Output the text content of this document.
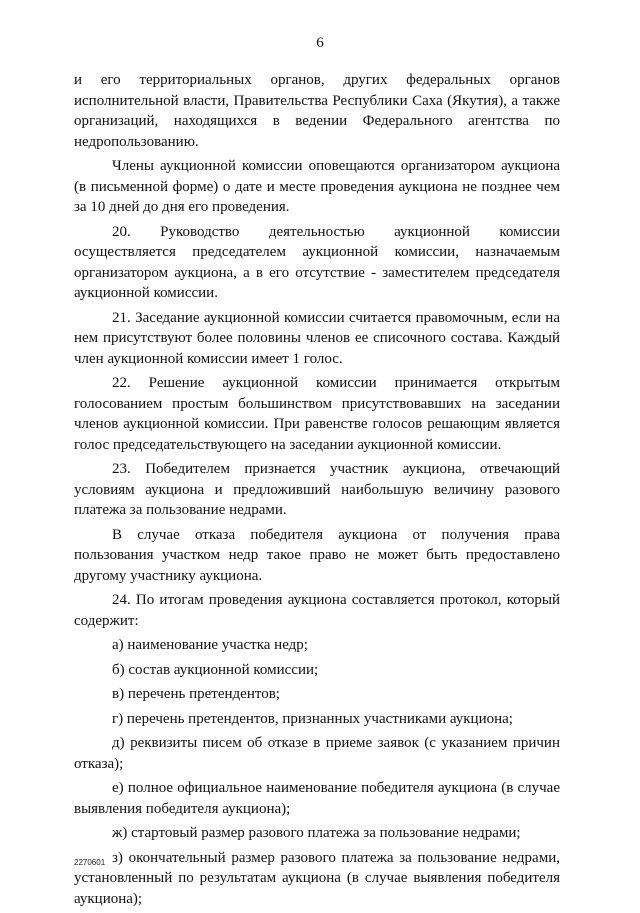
6

и его территориальных органов, других федеральных органов исполнительной власти, Правительства Республики Саха (Якутия), а также организаций, находящихся в ведении Федерального агентства по недропользованию.

Члены аукционной комиссии оповещаются организатором аукциона (в письменной форме) о дате и месте проведения аукциона не позднее чем за 10 дней до дня его проведения.

20. Руководство деятельностью аукционной комиссии осуществляется председателем аукционной комиссии, назначаемым организатором аукциона, а в его отсутствие - заместителем председателя аукционной комиссии.

21. Заседание аукционной комиссии считается правомочным, если на нем присутствуют более половины членов ее списочного состава. Каждый член аукционной комиссии имеет 1 голос.

22. Решение аукционной комиссии принимается открытым голосованием простым большинством присутствовавших на заседании членов аукционной комиссии. При равенстве голосов решающим является голос председательствующего на заседании аукционной комиссии.

23. Победителем признается участник аукциона, отвечающий условиям аукциона и предложивший наибольшую величину разового платежа за пользование недрами.

В случае отказа победителя аукциона от получения права пользования участком недр такое право не может быть предоставлено другому участнику аукциона.

24. По итогам проведения аукциона составляется протокол, который содержит:

а) наименование участка недр;

б) состав аукционной комиссии;

в) перечень претендентов;

г) перечень претендентов, признанных участниками аукциона;

д) реквизиты писем об отказе в приеме заявок (с указанием причин отказа);

е) полное официальное наименование победителя аукциона (в случае выявления победителя аукциона);

ж) стартовый размер разового платежа за пользование недрами;

з) окончательный размер разового платежа за пользование недрами, установленный по результатам аукциона (в случае выявления победителя аукциона);

2270601
